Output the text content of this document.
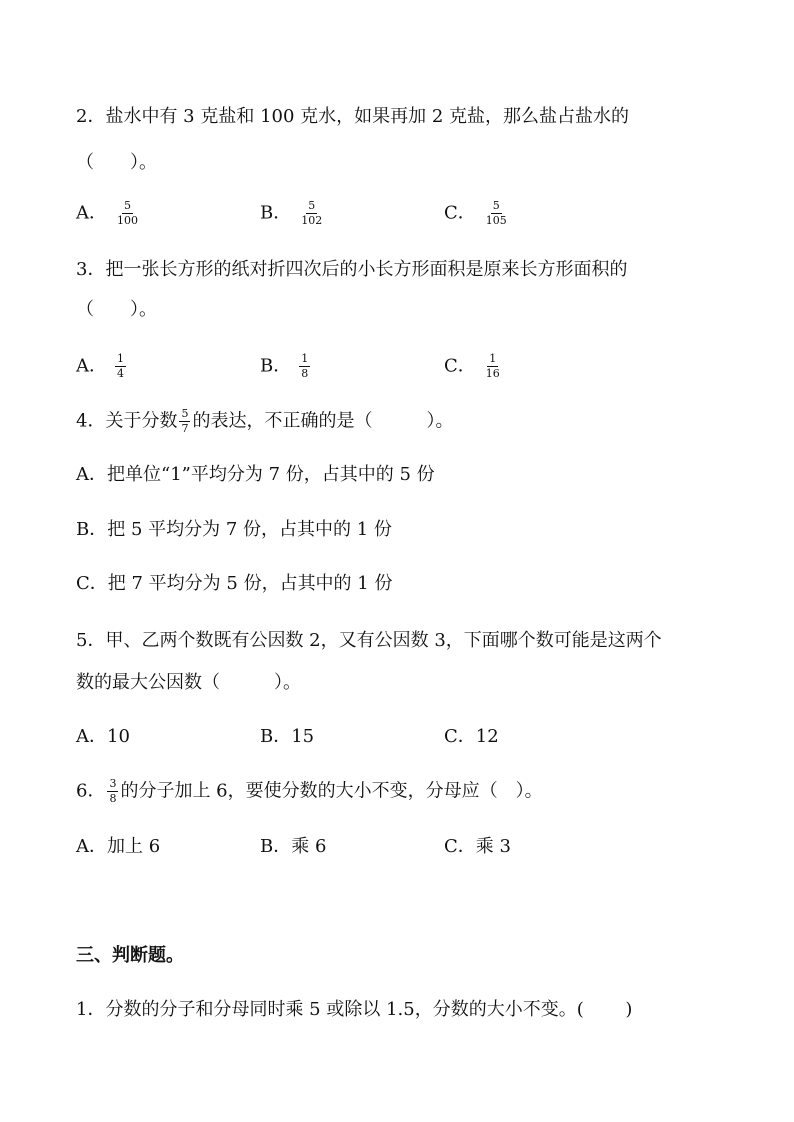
2．盐水中有 3 克盐和 100 克水，如果再加 2 克盐，那么盐占盐水的
（　　）。
A． $\frac{5}{100}$	B． $\frac{5}{102}$	C． $\frac{5}{105}$
3．把一张长方形的纸对折四次后的小长方形面积是原来长方形面积的
（　　）。
A． $\frac{1}{4}$	B． $\frac{1}{8}$	C． $\frac{1}{16}$
4．关于分数 $\frac{5}{7}$ 的表达，不正确的是（　　　）。
A．把单位“1”平均分为 7 份，占其中的 5 份
B．把 5 平均分为 7 份，占其中的 1 份
C．把 7 平均分为 5 份，占其中的 1 份
5．甲、乙两个数既有公因数 2，又有公因数 3，下面哪个数可能是这两个
数的最大公因数（　　　）。
A．10	B．15	C．12
6． $\frac{3}{8}$ 的分子加上 6，要使分数的大小不变，分母应（　）。
A．加上 6	B．乘 6	C．乘 3
三、判断题。
1．分数的分子和分母同时乘 5 或除以 1.5，分数的大小不变。(　　 )
